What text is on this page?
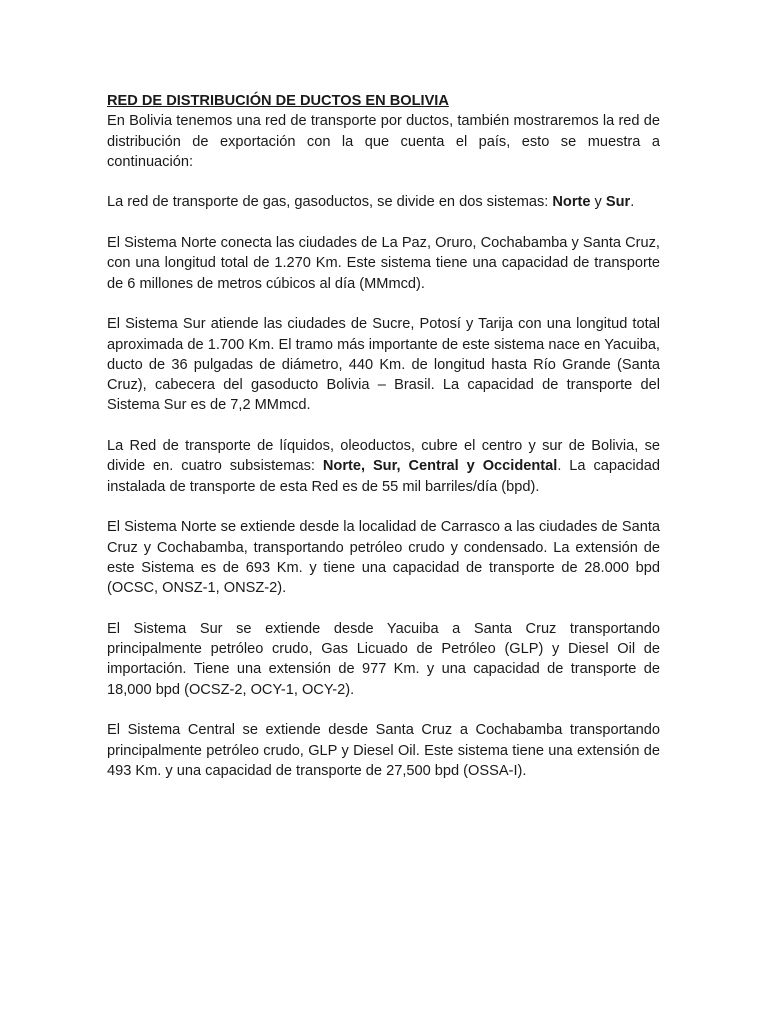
RED DE DISTRIBUCIÓN DE DUCTOS EN BOLIVIA

En Bolivia tenemos una red de transporte por ductos, también mostraremos la red de distribución de exportación con la que cuenta el país, esto se muestra a continuación:

La red de transporte de gas, gasoductos, se divide en dos sistemas: Norte y Sur.

El Sistema Norte conecta las ciudades de La Paz, Oruro, Cochabamba y Santa Cruz, con una longitud total de 1.270 Km. Este sistema tiene una capacidad de transporte de 6 millones de metros cúbicos al día (MMmcd).

El Sistema Sur atiende las ciudades de Sucre, Potosí y Tarija con una longitud total aproximada de 1.700 Km. El tramo más importante de este sistema nace en Yacuiba, ducto de 36 pulgadas de diámetro, 440 Km. de longitud hasta Río Grande (Santa Cruz), cabecera del gasoducto Bolivia – Brasil. La capacidad de transporte del Sistema Sur es de 7,2 MMmcd.

La Red de transporte de líquidos, oleoductos, cubre el centro y sur de Bolivia, se divide en. cuatro subsistemas: Norte, Sur, Central y Occidental. La capacidad instalada de transporte de esta Red es de 55 mil barriles/día (bpd).

El Sistema Norte se extiende desde la localidad de Carrasco a las ciudades de Santa Cruz y Cochabamba, transportando petróleo crudo y condensado. La extensión de este Sistema es de 693 Km. y tiene una capacidad de transporte de 28.000 bpd (OCSC, ONSZ-1, ONSZ-2).

El Sistema Sur se extiende desde Yacuiba a Santa Cruz transportando principalmente petróleo crudo, Gas Licuado de Petróleo (GLP) y Diesel Oil de importación. Tiene una extensión de 977 Km. y una capacidad de transporte de 18,000 bpd (OCSZ-2, OCY-1, OCY-2).

El Sistema Central se extiende desde Santa Cruz a Cochabamba transportando principalmente petróleo crudo, GLP y Diesel Oil. Este sistema tiene una extensión de 493 Km. y una capacidad de transporte de 27,500 bpd (OSSA-I).
